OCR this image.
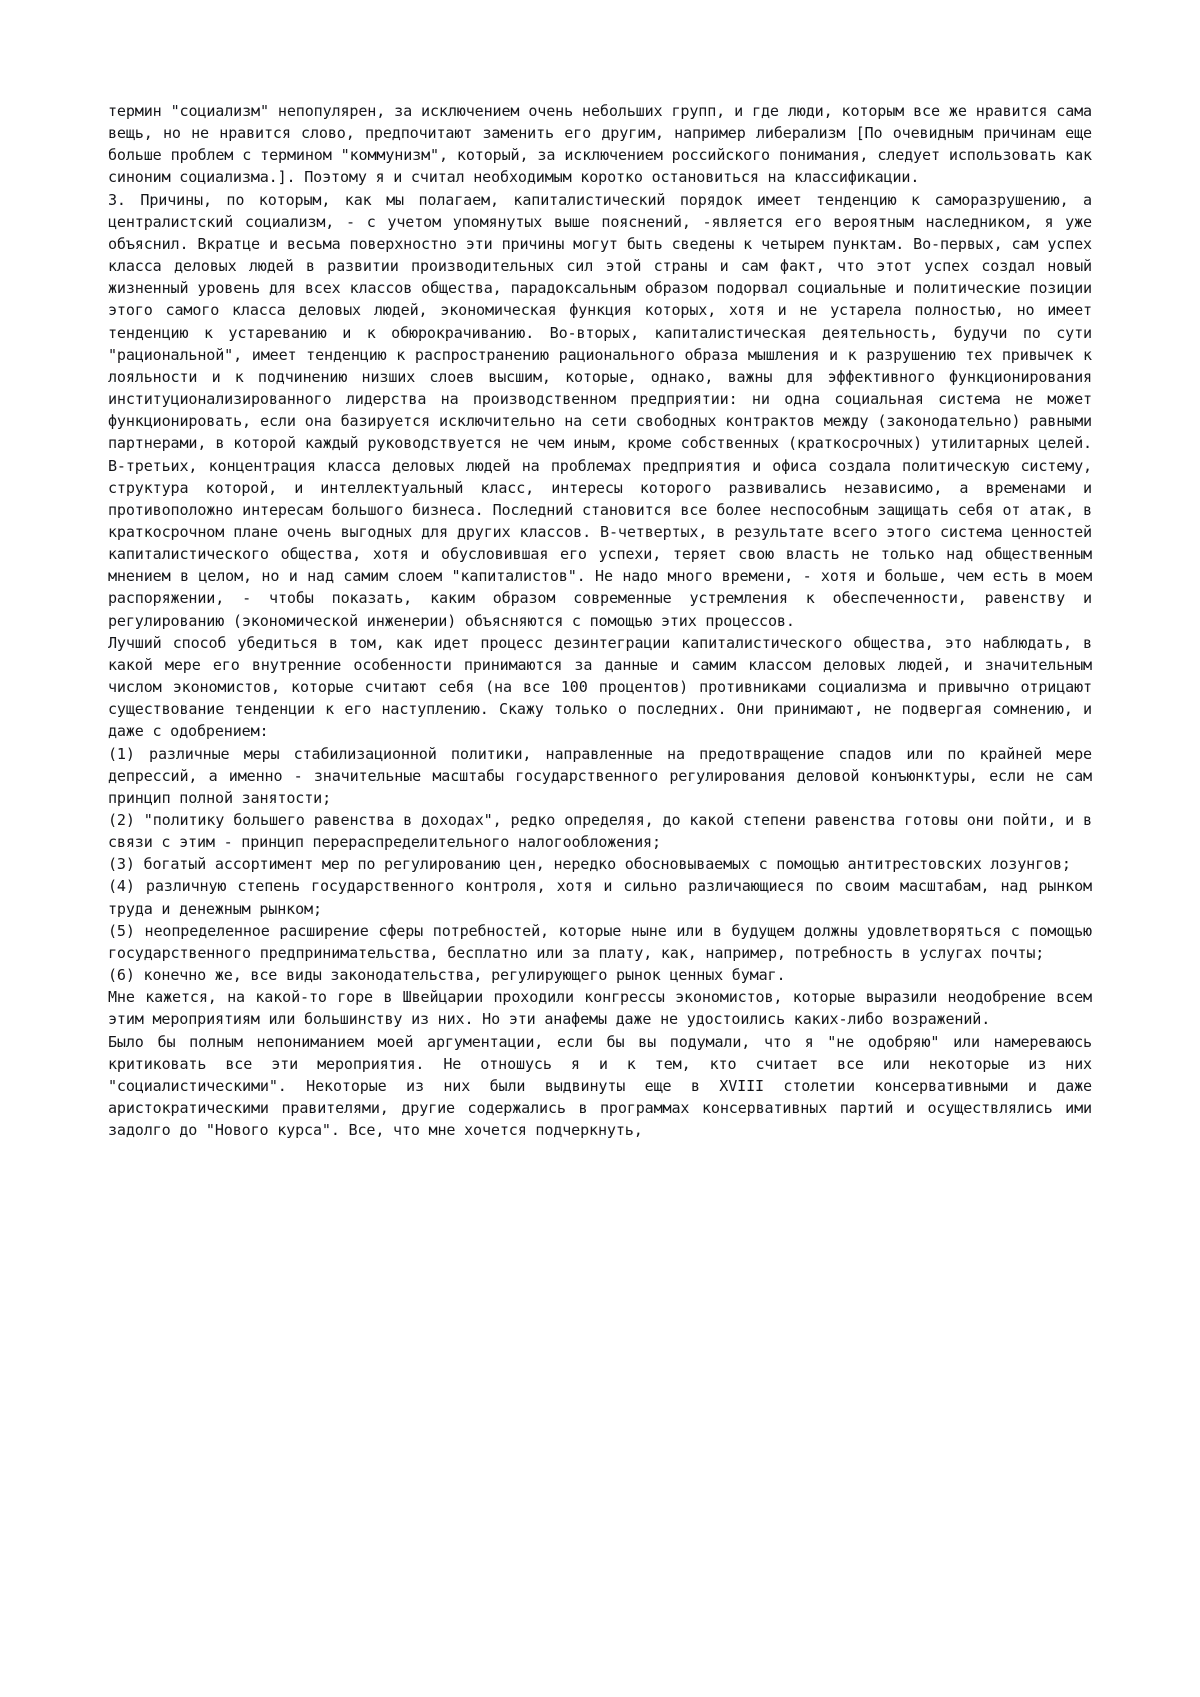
термин "социализм" непопулярен, за исключением очень небольших групп, и где люди, которым все же нравится сама вещь, но не нравится слово, предпочитают заменить его другим, например либерализм [По очевидным причинам еще больше проблем с термином "коммунизм", который, за исключением российского понимания, следует использовать как синоним социализма.]. Поэтому я и считал необходимым коротко остановиться на классификации.

3. Причины, по которым, как мы полагаем, капиталистический порядок имеет тенденцию к саморазрушению, а централистский социализм, - с учетом упомянутых выше пояснений, -является его вероятным наследником, я уже объяснил. Вкратце и весьма поверхностно эти причины могут быть сведены к четырем пунктам. Во-первых, сам успех класса деловых людей в развитии производительных сил этой страны и сам факт, что этот успех создал новый жизненный уровень для всех классов общества, парадоксальным образом подорвал социальные и политические позиции этого самого класса деловых людей, экономическая функция которых, хотя и не устарела полностью, но имеет тенденцию к устареванию и к обюрокрачиванию. Во-вторых, капиталистическая деятельность, будучи по сути "рациональной", имеет тенденцию к распространению рационального образа мышления и к разрушению тех привычек к лояльности и к подчинению низших слоев высшим, которые, однако, важны для эффективного функционирования институционализированного лидерства на производственном предприятии: ни одна социальная система не может функционировать, если она базируется исключительно на сети свободных контрактов между (законодательно) равными партнерами, в которой каждый руководствуется не чем иным, кроме собственных (краткосрочных) утилитарных целей. В-третьих, концентрация класса деловых людей на проблемах предприятия и офиса создала политическую систему, структура которой, и интеллектуальный класс, интересы которого развивались независимо, а временами и противоположно интересам большого бизнеса. Последний становится все более неспособным защищать себя от атак, в краткосрочном плане очень выгодных для других классов. В-четвертых, в результате всего этого система ценностей капиталистического общества, хотя и обусловившая его успехи, теряет свою власть не только над общественным мнением в целом, но и над самим слоем "капиталистов". Не надо много времени, - хотя и больше, чем есть в моем распоряжении, - чтобы показать, каким образом современные устремления к обеспеченности, равенству и регулированию (экономической инженерии) объясняются с помощью этих процессов.

Лучший способ убедиться в том, как идет процесс дезинтеграции капиталистического общества, это наблюдать, в какой мере его внутренние особенности принимаются за данные и самим классом деловых людей, и значительным числом экономистов, которые считают себя (на все 100 процентов) противниками социализма и привычно отрицают существование тенденции к его наступлению. Скажу только о последних. Они принимают, не подвергая сомнению, и даже с одобрением:

(1) различные меры стабилизационной политики, направленные на предотвращение спадов или по крайней мере депрессий, а именно - значительные масштабы государственного регулирования деловой конъюнктуры, если не сам принцип полной занятости;

(2) "политику большего равенства в доходах", редко определяя, до какой степени равенства готовы они пойти, и в связи с этим - принцип перераспределительного налогообложения;

(3) богатый ассортимент мер по регулированию цен, нередко обосновываемых с помощью антитрестовских лозунгов;

(4) различную степень государственного контроля, хотя и сильно различающиеся по своим масштабам, над рынком труда и денежным рынком;

(5) неопределенное расширение сферы потребностей, которые ныне или в будущем должны удовлетворяться с помощью государственного предпринимательства, бесплатно или за плату, как, например, потребность в услугах почты;

(6) конечно же, все виды законодательства, регулирующего рынок ценных бумаг.

Мне кажется, на какой-то горе в Швейцарии проходили конгрессы экономистов, которые выразили неодобрение всем этим мероприятиям или большинству из них. Но эти анафемы даже не удостоились каких-либо возражений.

Было бы полным непониманием моей аргументации, если бы вы подумали, что я "не одобряю" или намереваюсь критиковать все эти мероприятия. Не отношусь я и к тем, кто считает все или некоторые из них "социалистическими". Некоторые из них были выдвинуты еще в XVIII столетии консервативными и даже аристократическими правителями, другие содержались в программах консервативных партий и осуществлялись ими задолго до "Нового курса". Все, что мне хочется подчеркнуть,
